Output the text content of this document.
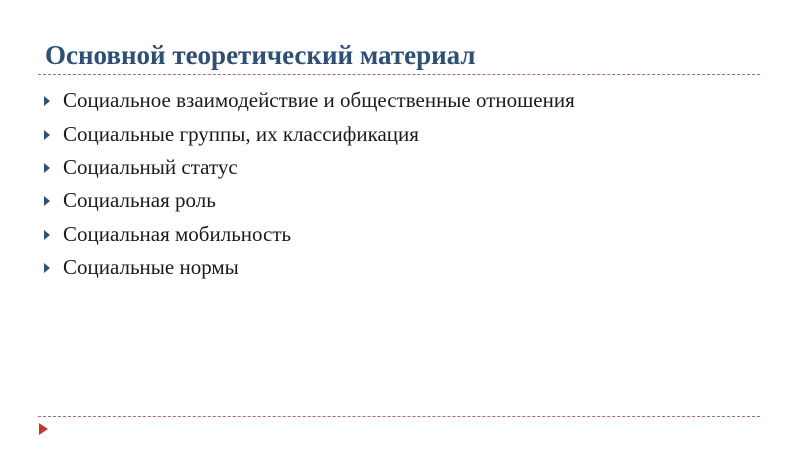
Основной теоретический материал
Социальное взаимодействие и общественные отношения
Социальные группы, их классификация
Социальный статус
Социальная роль
Социальная мобильность
Социальные нормы
